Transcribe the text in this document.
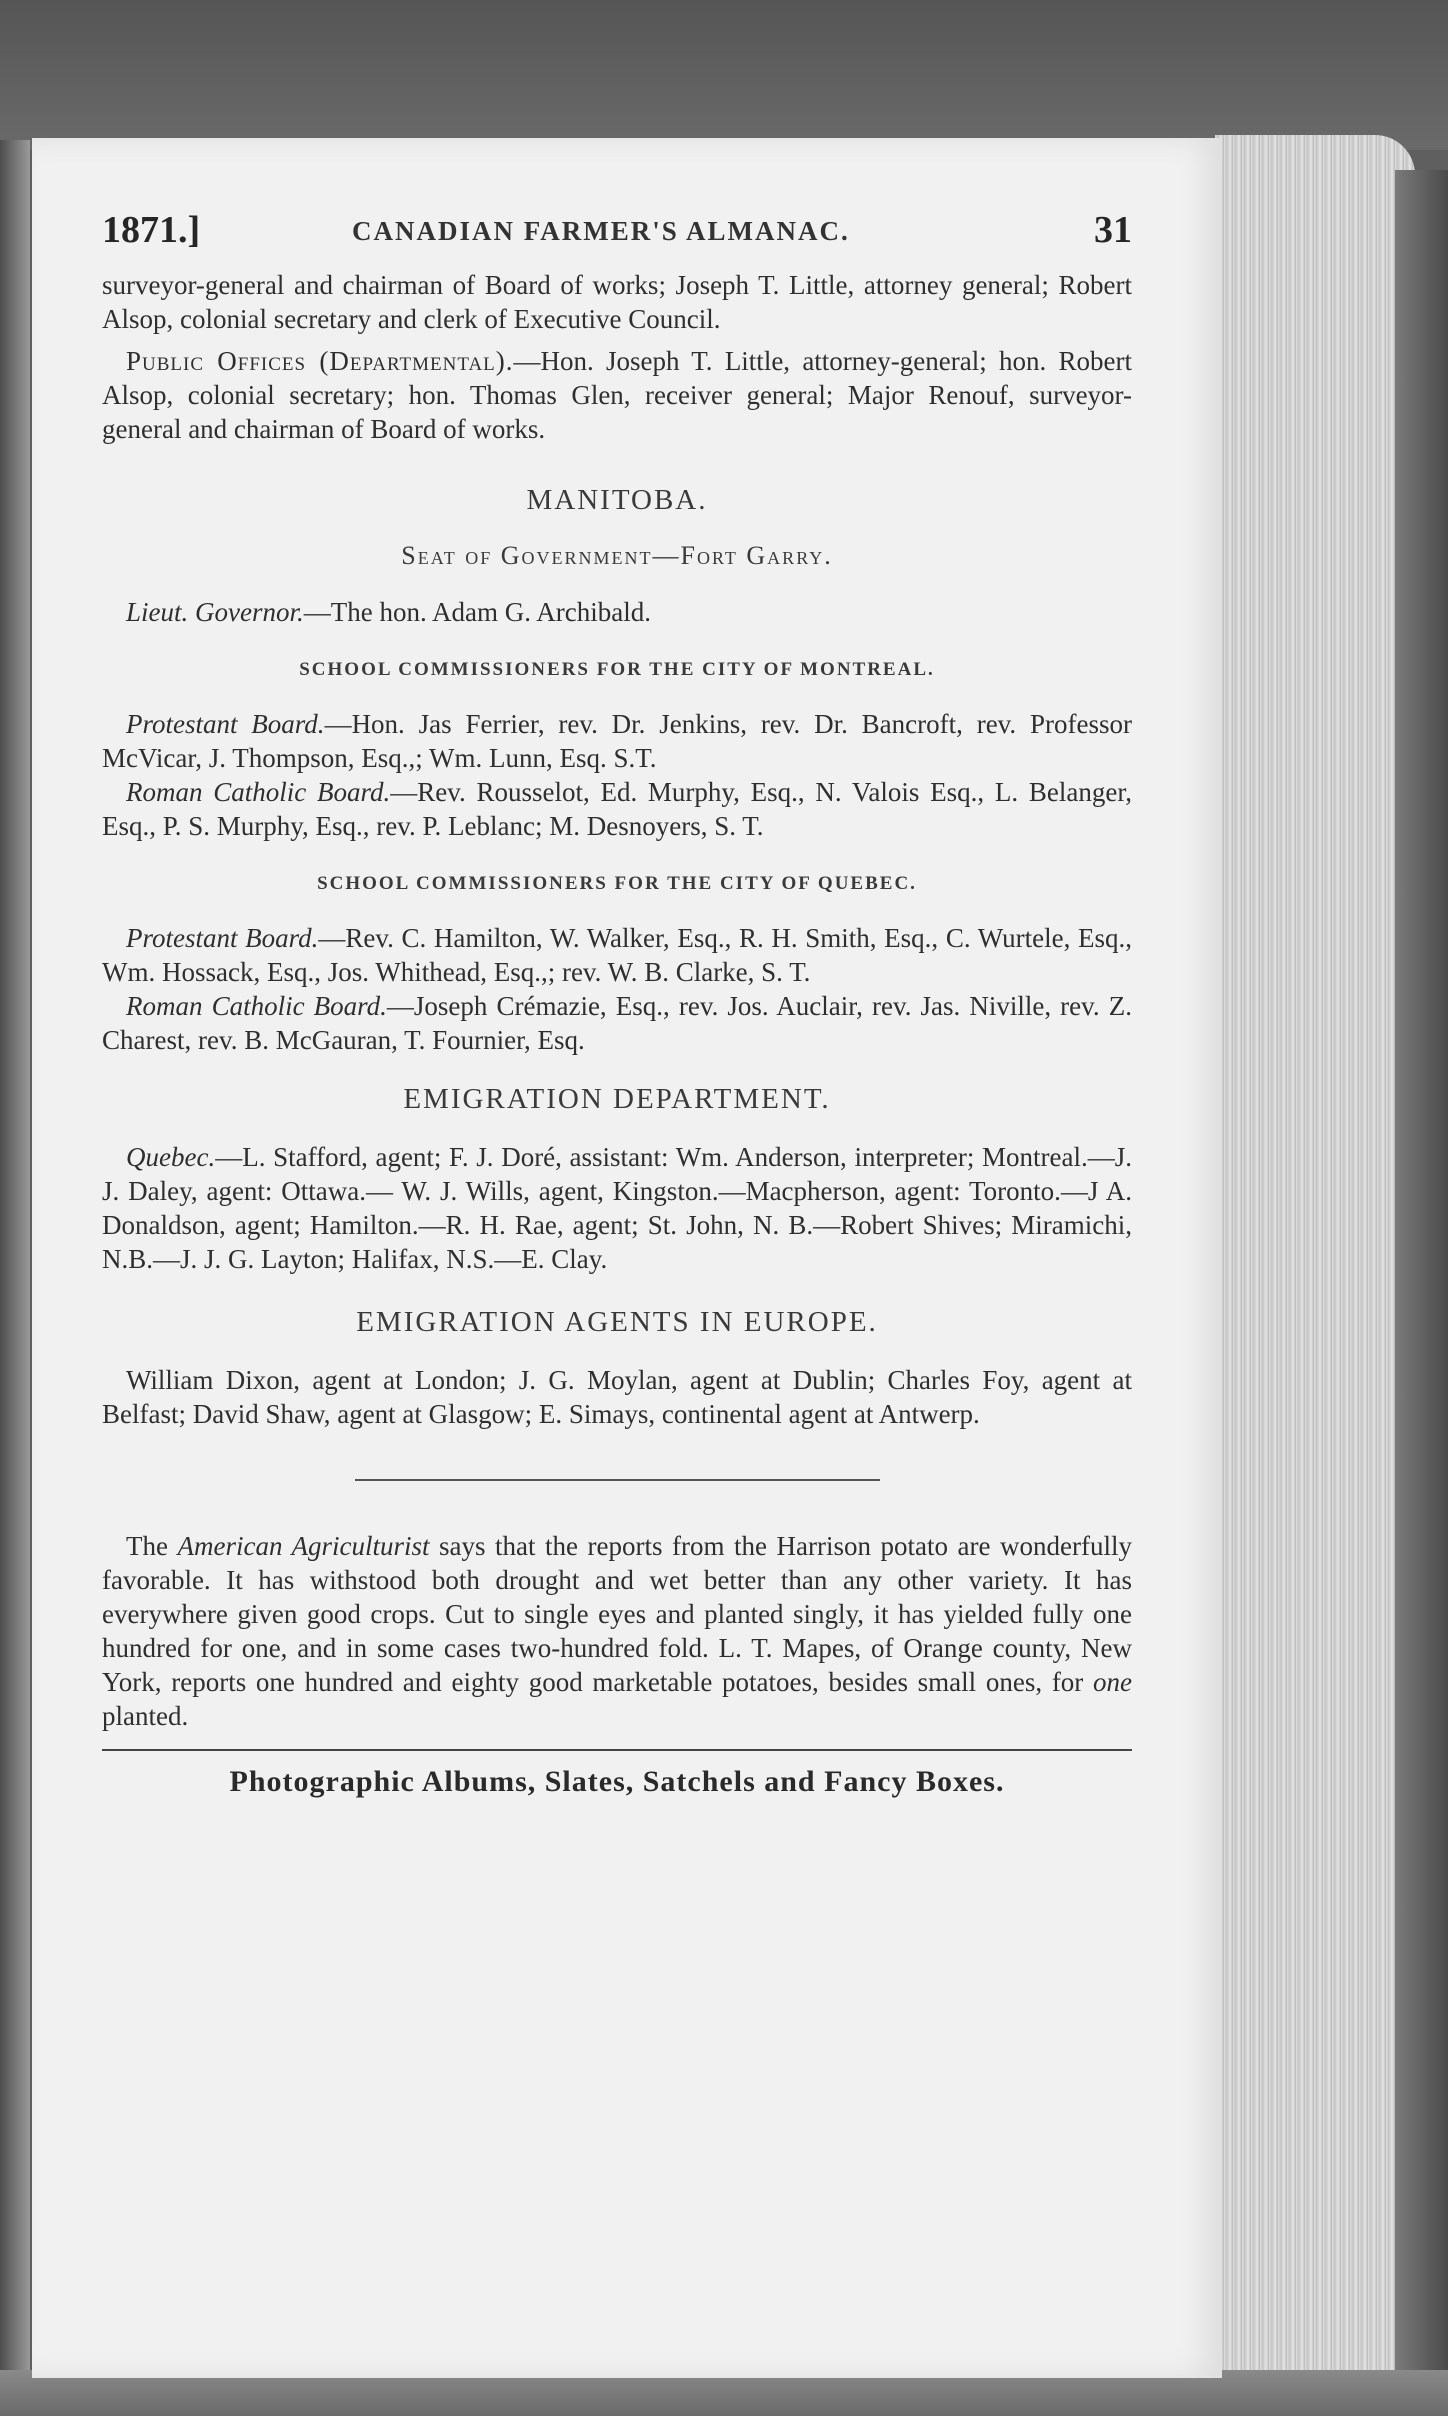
1871.]	CANADIAN FARMER'S ALMANAC.	31

surveyor-general and chairman of Board of works; Joseph T. Little, attorney general; Robert Alsop, colonial secretary and clerk of Executive Council.

Public Offices (Departmental).—Hon. Joseph T. Little, attorney-general; hon. Robert Alsop, colonial secretary; hon. Thomas Glen, receiver general; Major Renouf, surveyor-general and chairman of Board of works.

MANITOBA.
Seat of Government—Fort Garry.

Lieut. Governor.—The hon. Adam G. Archibald.

SCHOOL COMMISSIONERS FOR THE CITY OF MONTREAL.

Protestant Board.—Hon. Jas Ferrier, rev. Dr. Jenkins, rev. Dr. Bancroft, rev. Professor McVicar, J. Thompson, Esq.,; Wm. Lunn, Esq. S.T.

Roman Catholic Board.—Rev. Rousselot, Ed. Murphy, Esq., N. Valois Esq., L. Belanger, Esq., P. S. Murphy, Esq., rev. P. Leblanc; M. Desnoyers, S. T.

SCHOOL COMMISSIONERS FOR THE CITY OF QUEBEC.

Protestant Board.—Rev. C. Hamilton, W. Walker, Esq., R. H. Smith, Esq., C. Wurtele, Esq., Wm. Hossack, Esq., Jos. Whithead, Esq.,; rev. W. B. Clarke, S. T.

Roman Catholic Board.—Joseph Crémazie, Esq., rev. Jos. Auclair, rev. Jas. Niville, rev. Z. Charest, rev. B. McGauran, T. Fournier, Esq.

EMIGRATION DEPARTMENT.

Quebec.—L. Stafford, agent; F. J. Doré, assistant: Wm. Anderson, interpreter; Montreal.—J. J. Daley, agent: Ottawa.— W. J. Wills, agent, Kingston.—Macpherson, agent: Toronto.—J A. Donaldson, agent; Hamilton.—R. H. Rae, agent; St. John, N. B.—Robert Shives; Miramichi, N.B.—J. J. G. Layton; Halifax, N.S.—E. Clay.

EMIGRATION AGENTS IN EUROPE.

William Dixon, agent at London; J. G. Moylan, agent at Dublin; Charles Foy, agent at Belfast; David Shaw, agent at Glasgow; E. Simays, continental agent at Antwerp.

The American Agriculturist says that the reports from the Harrison potato are wonderfully favorable. It has withstood both drought and wet better than any other variety. It has everywhere given good crops. Cut to single eyes and planted singly, it has yielded fully one hundred for one, and in some cases two-hundred fold. L. T. Mapes, of Orange county, New York, reports one hundred and eighty good marketable potatoes, besides small ones, for one planted.

Photographic Albums, Slates, Satchels and Fancy Boxes.
